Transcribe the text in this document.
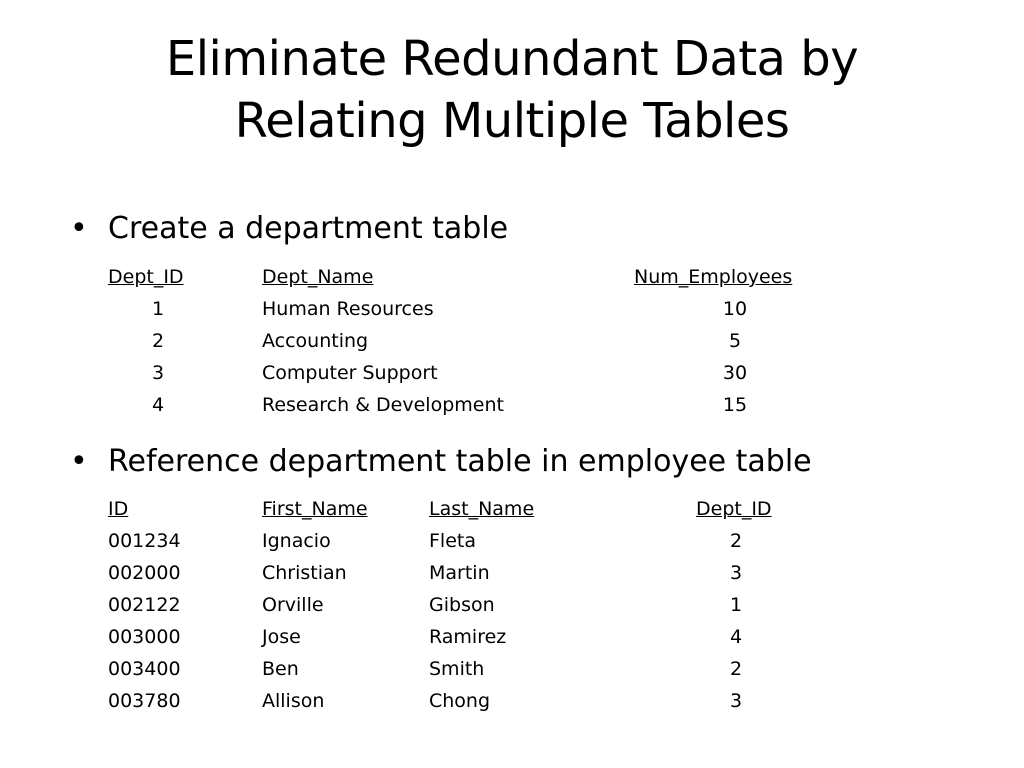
Eliminate Redundant Data by
Relating Multiple Tables
• Create a department table
Dept_ID	Dept_Name	Num_Employees
1	Human Resources	10
2	Accounting	5
3	Computer Support	30
4	Research & Development	15
• Reference department table in employee table
ID	First_Name	Last_Name	Dept_ID
001234	Ignacio	Fleta	2
002000	Christian	Martin	3
002122	Orville	Gibson	1
003000	Jose	Ramirez	4
003400	Ben	Smith	2
003780	Allison	Chong	3
